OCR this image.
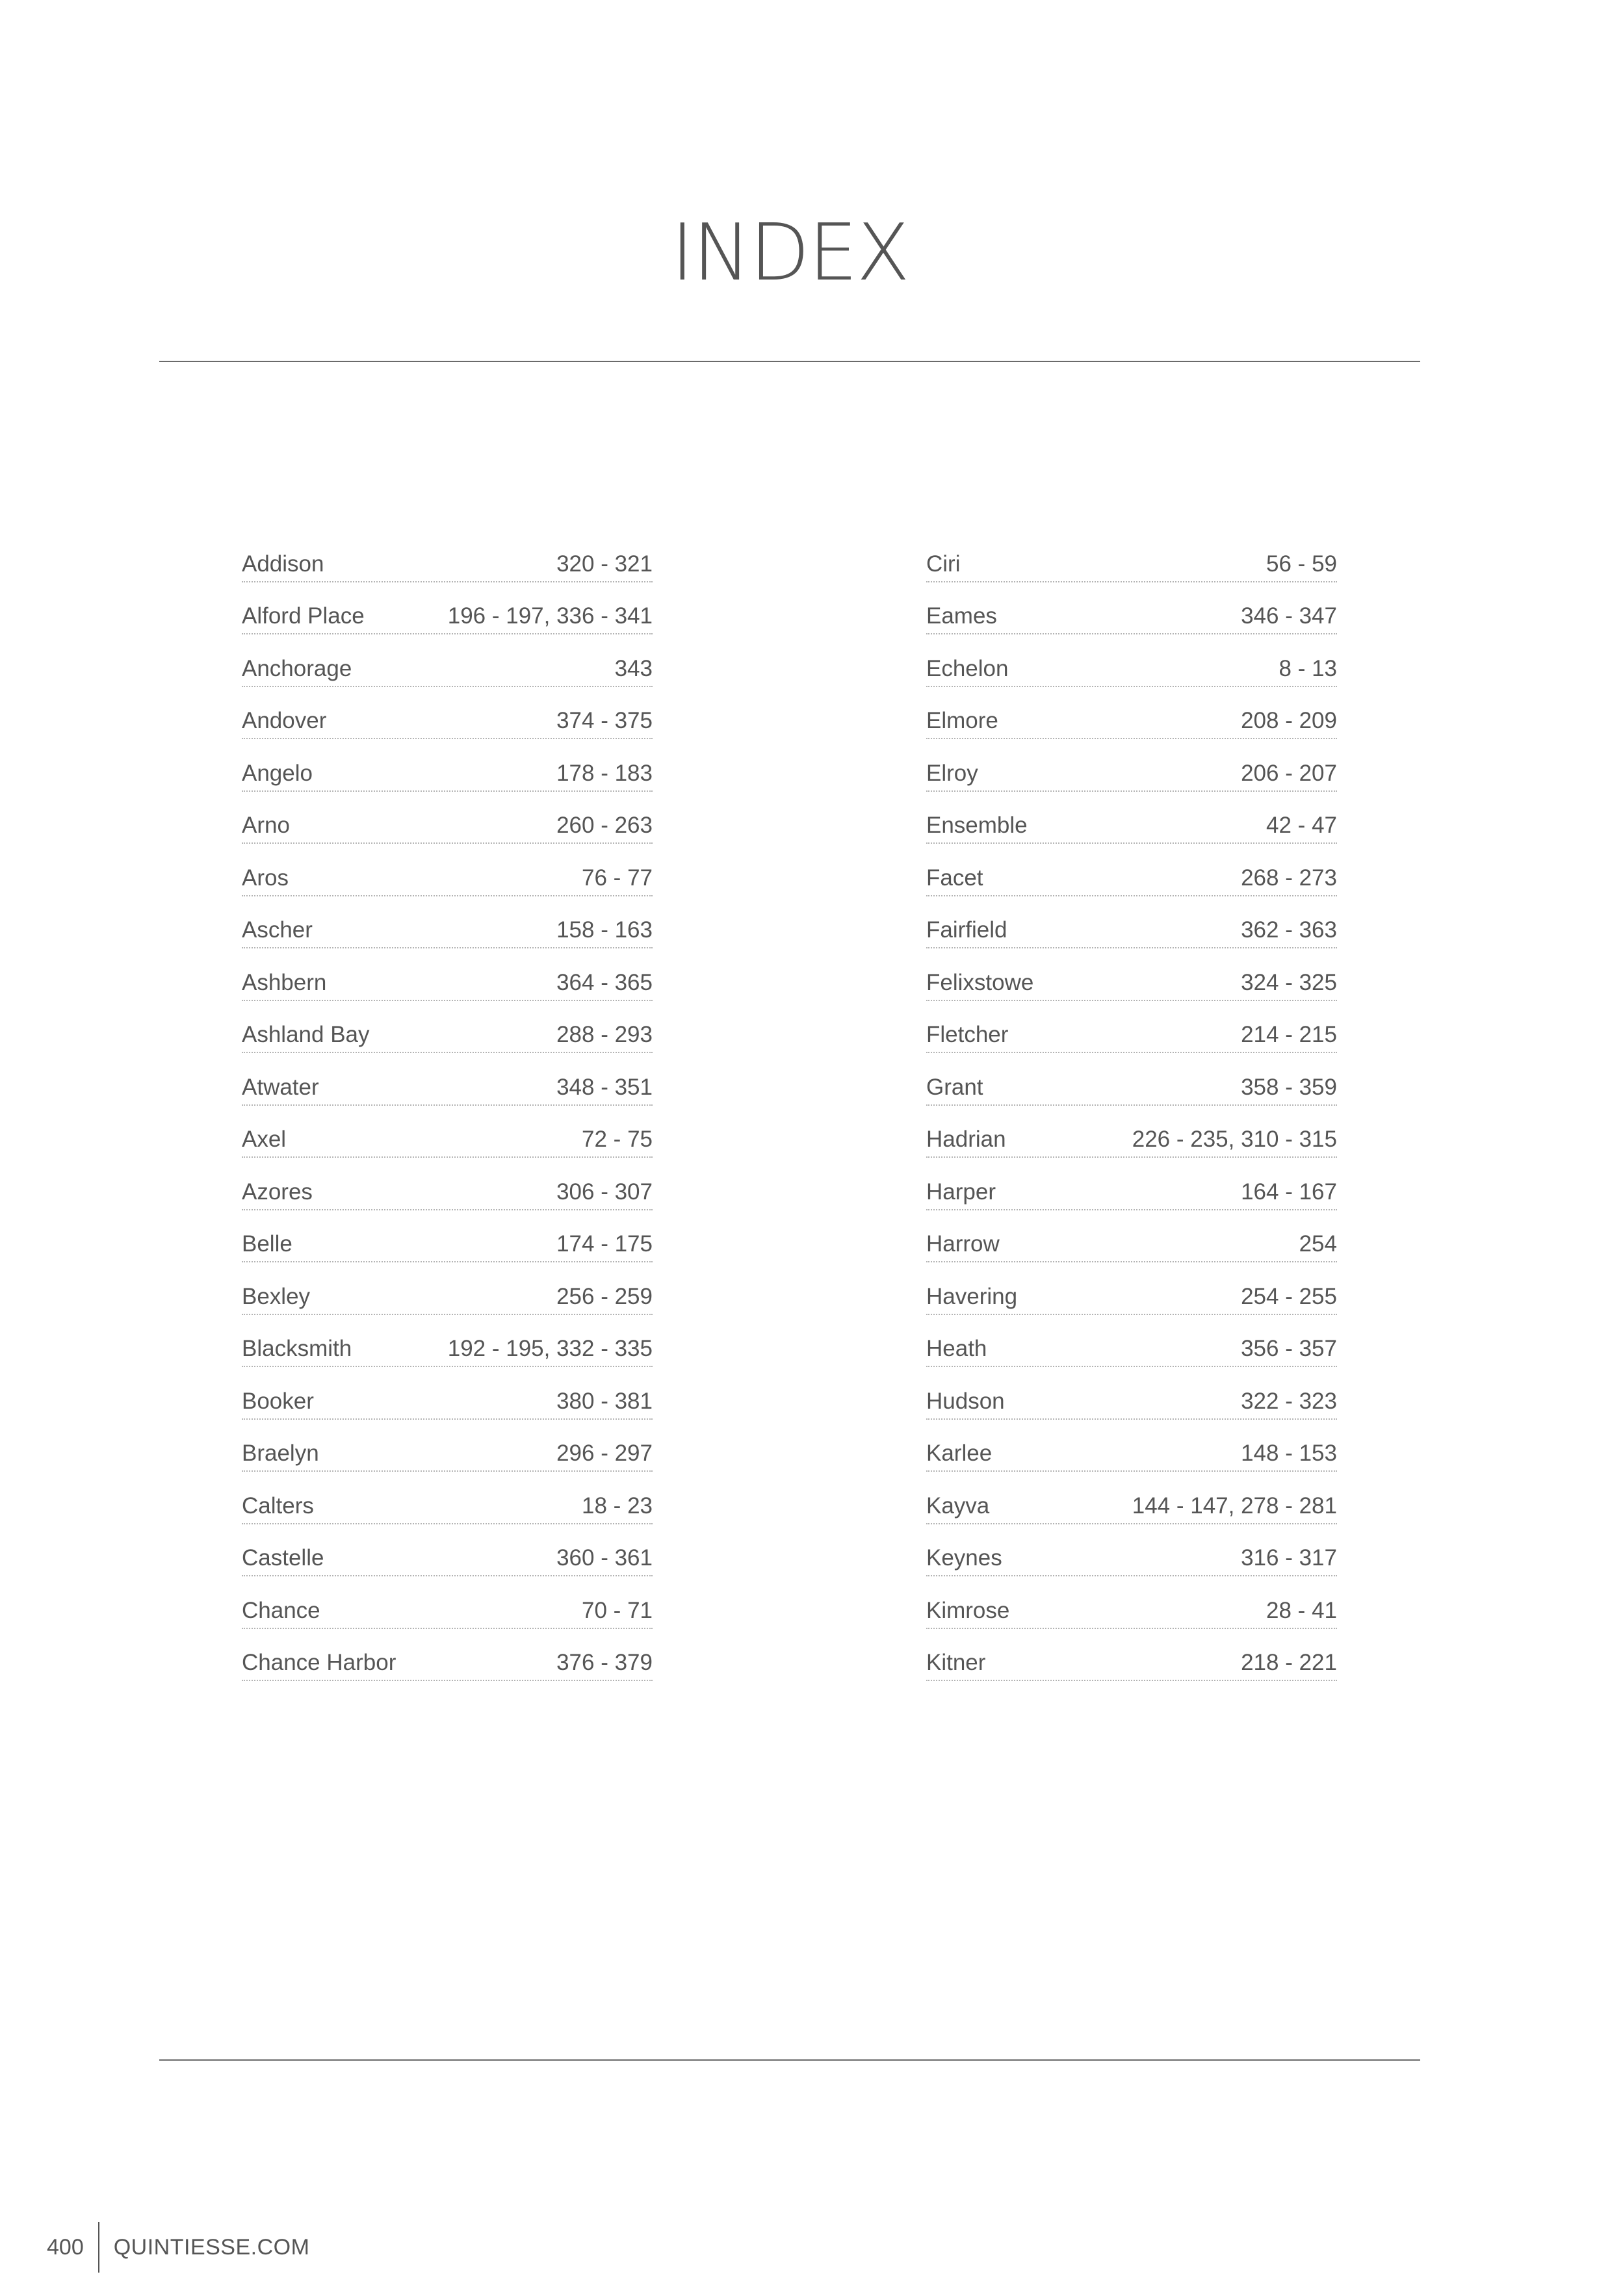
INDEX
Addison	320 - 321
Alford Place	196 - 197, 336 - 341
Anchorage	343
Andover	374 - 375
Angelo	178 - 183
Arno	260 - 263
Aros	76 - 77
Ascher	158 - 163
Ashbern	364 - 365
Ashland Bay	288 - 293
Atwater	348 - 351
Axel	72 - 75
Azores	306 - 307
Belle	174 - 175
Bexley	256 - 259
Blacksmith	192 - 195, 332 - 335
Booker	380 - 381
Braelyn	296 - 297
Calters	18 - 23
Castelle	360 - 361
Chance	70 - 71
Chance Harbor	376 - 379
Ciri	56 - 59
Eames	346 - 347
Echelon	8 - 13
Elmore	208 - 209
Elroy	206 - 207
Ensemble	42 - 47
Facet	268 - 273
Fairfield	362 - 363
Felixstowe	324 - 325
Fletcher	214 - 215
Grant	358 - 359
Hadrian	226 - 235, 310 - 315
Harper	164 - 167
Harrow	254
Havering	254 - 255
Heath	356 - 357
Hudson	322 - 323
Karlee	148 - 153
Kayva	144 - 147, 278 - 281
Keynes	316 - 317
Kimrose	28 - 41
Kitner	218 - 221
400	QUINTIESSE.COM
